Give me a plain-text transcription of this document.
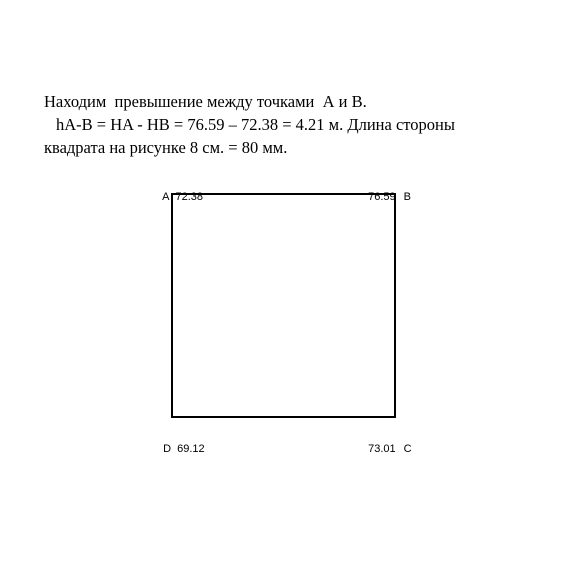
Находим  превышение между точками  А и В.
hA-B = HA - HB = 76.59 – 72.38 = 4.21 м. Длина стороны
квадрата на рисунке 8 см. = 80 мм.

А 72.38	76.59 В

D 69.12	73.01 С
